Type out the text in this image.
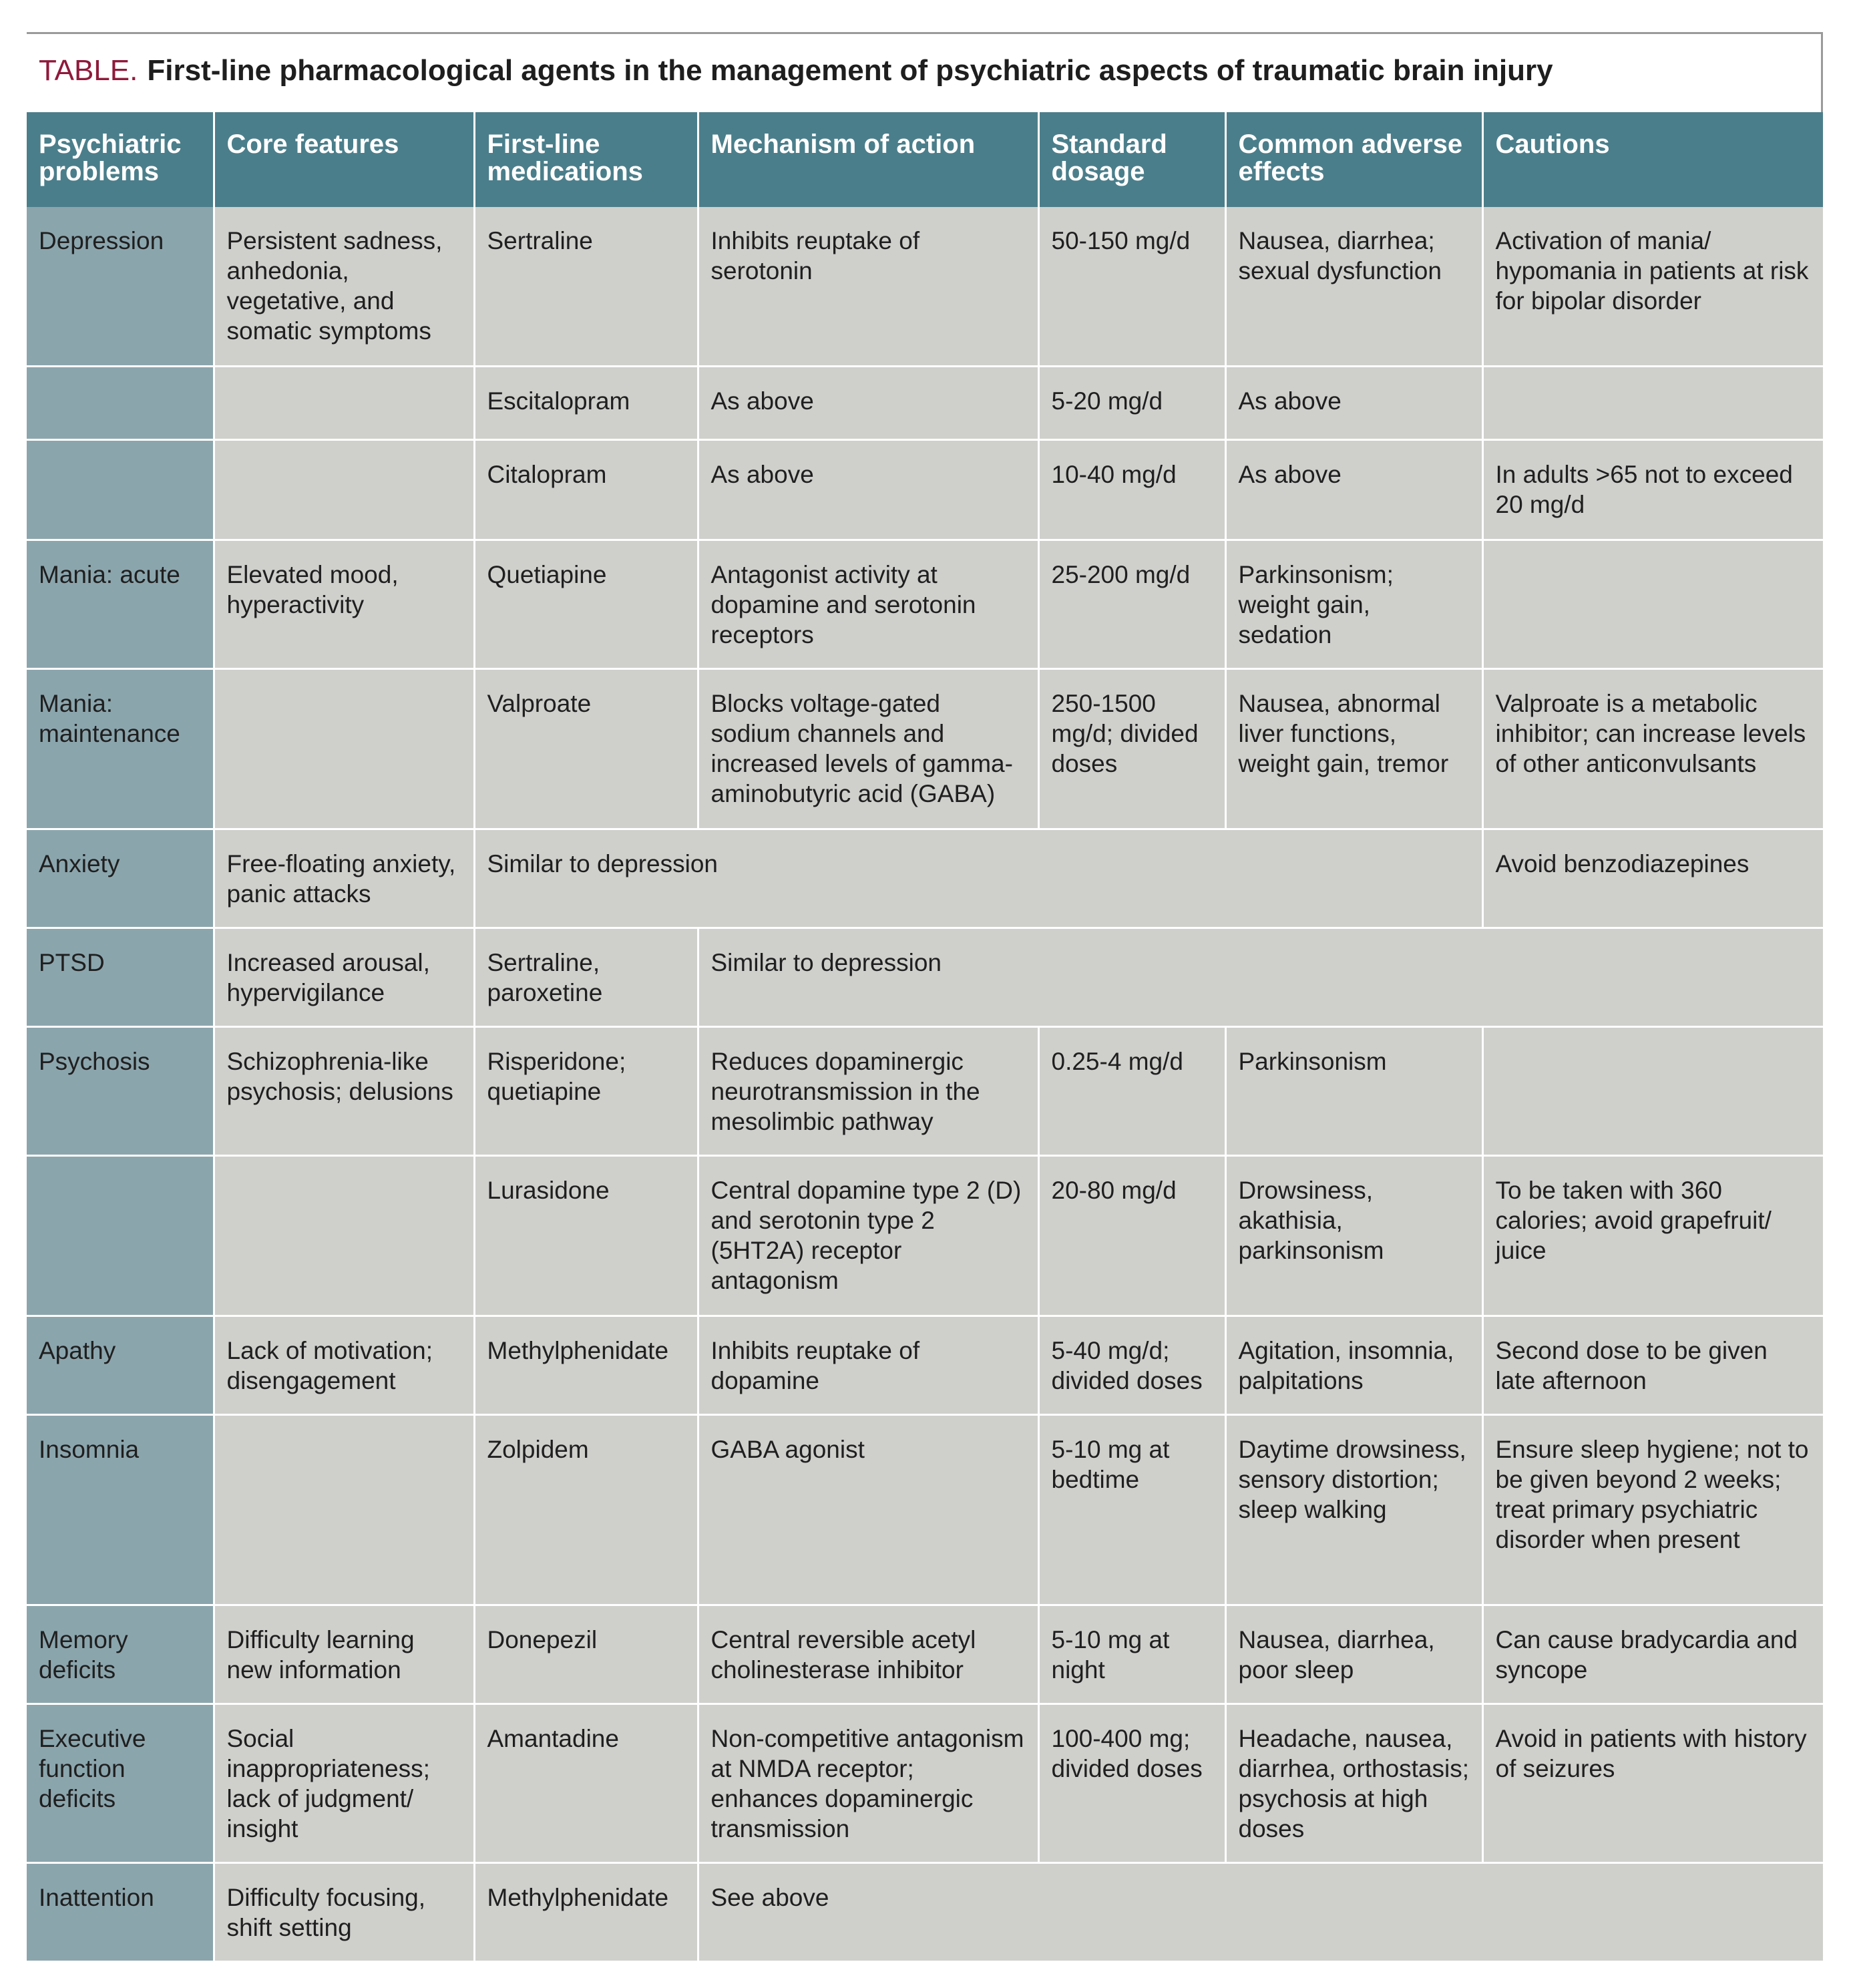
TABLE. First-line pharmacological agents in the management of psychiatric aspects of traumatic brain injury
Psychiatric problems	Core features	First-line medications	Mechanism of action	Standard dosage	Common adverse effects	Cautions
Depression	Persistent sadness, anhedonia, vegetative, and somatic symptoms	Sertraline	Inhibits reuptake of serotonin	50-150 mg/d	Nausea, diarrhea; sexual dysfunction	Activation of mania/ hypomania in patients at risk for bipolar disorder
		Escitalopram	As above	5-20 mg/d	As above	
		Citalopram	As above	10-40 mg/d	As above	In adults >65 not to exceed 20 mg/d
Mania: acute	Elevated mood, hyperactivity	Quetiapine	Antagonist activity at dopamine and serotonin receptors	25-200 mg/d	Parkinsonism; weight gain, sedation	
Mania: maintenance		Valproate	Blocks voltage-gated sodium channels and increased levels of gamma-aminobutyric acid (GABA)	250-1500 mg/d; divided doses	Nausea, abnormal liver functions, weight gain, tremor	Valproate is a metabolic inhibitor; can increase levels of other anticonvulsants
Anxiety	Free-floating anxiety, panic attacks	Similar to depression				Avoid benzodiazepines
PTSD	Increased arousal, hypervigilance	Sertraline, paroxetine	Similar to depression			
Psychosis	Schizophrenia-like psychosis; delusions	Risperidone; quetiapine	Reduces dopaminergic neurotransmission in the mesolimbic pathway	0.25-4 mg/d	Parkinsonism	
		Lurasidone	Central dopamine type 2 (D) and serotonin type 2 (5HT2A) receptor antagonism	20-80 mg/d	Drowsiness, akathisia, parkinsonism	To be taken with 360 calories; avoid grapefruit/ juice
Apathy	Lack of motivation; disengagement	Methylphenidate	Inhibits reuptake of dopamine	5-40 mg/d; divided doses	Agitation, insomnia, palpitations	Second dose to be given late afternoon
Insomnia		Zolpidem	GABA agonist	5-10 mg at bedtime	Daytime drowsiness, sensory distortion; sleep walking	Ensure sleep hygiene; not to be given beyond 2 weeks; treat primary psychiatric disorder when present
Memory deficits	Difficulty learning new information	Donepezil	Central reversible acetyl cholinesterase inhibitor	5-10 mg at night	Nausea, diarrhea, poor sleep	Can cause bradycardia and syncope
Executive function deficits	Social inappropriateness; lack of judgment/ insight	Amantadine	Non-competitive antagonism at NMDA receptor; enhances dopaminergic transmission	100-400 mg; divided doses	Headache, nausea, diarrhea, orthostasis; psychosis at high doses	Avoid in patients with history of seizures
Inattention	Difficulty focusing, shift setting	Methylphenidate	See above			
